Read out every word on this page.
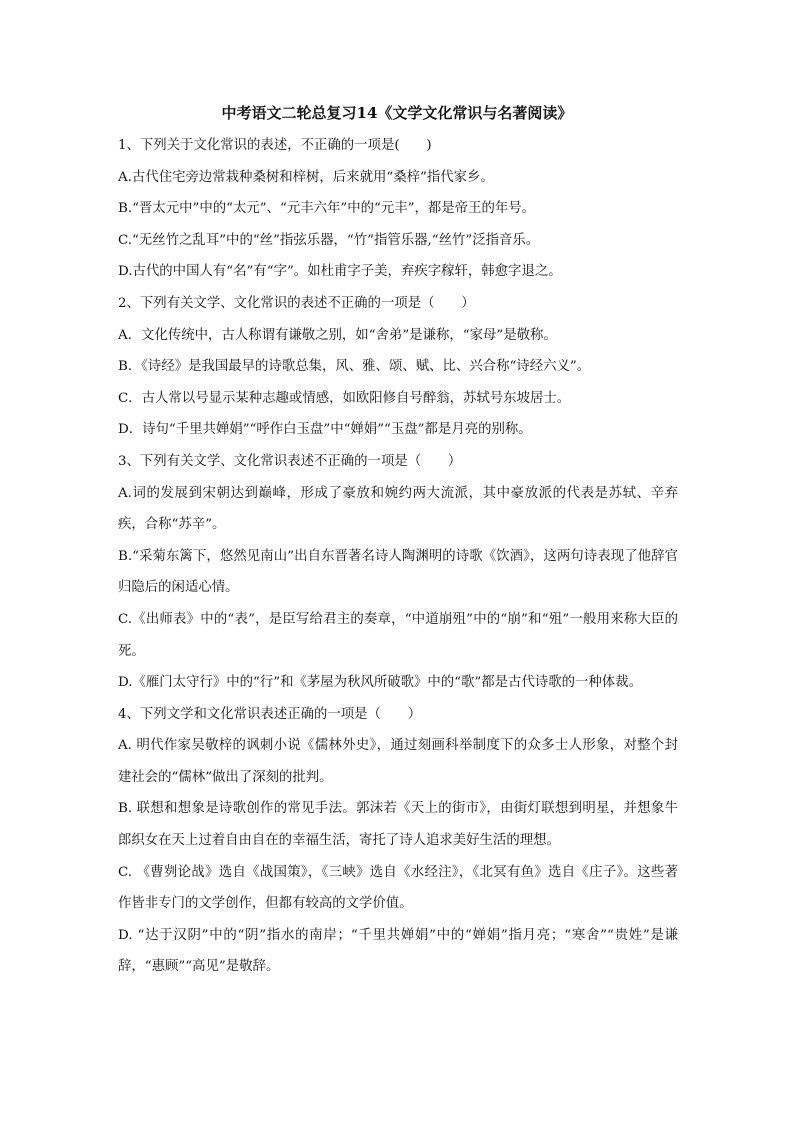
中考语文二轮总复习14《文学文化常识与名著阅读》

1、下列关于文化常识的表述，不正确的一项是(　　)

A.古代住宅旁边常栽种桑树和梓树，后来就用“桑梓”指代家乡。

B.“晋太元中”中的“太元”、“元丰六年”中的“元丰”，都是帝王的年号。

C.“无丝竹之乱耳”中的“丝”指弦乐器，“竹”指管乐器,“丝竹”泛指音乐。

D.古代的中国人有“名”有“字”。如杜甫字子美，弃疾字稼轩，韩愈字退之。

2、下列有关文学、文化常识的表述不正确的一项是（　　）

A．文化传统中，古人称谓有谦敬之别，如“舍弟”是谦称，“家母”是敬称。

B．《诗经》是我国最早的诗歌总集，风、雅、颂、赋、比、兴合称“诗经六义”。

C．古人常以号显示某种志趣或情感，如欧阳修自号醉翁，苏轼号东坡居士。

D．诗句“千里共婵娟”“呼作白玉盘”中“婵娟”“玉盘”都是月亮的别称。

3、下列有关文学、文化常识表述不正确的一项是（　　）

A.词的发展到宋朝达到巅峰，形成了豪放和婉约两大流派，其中豪放派的代表是苏轼、辛弃疾，合称“苏辛”。

B.“采菊东篱下，悠然见南山”出自东晋著名诗人陶渊明的诗歌《饮酒》，这两句诗表现了他辞官归隐后的闲适心情。

C.《出师表》中的“表”，是臣写给君主的奏章，“中道崩殂”中的“崩”和“殂”一般用来称大臣的死。

D.《雁门太守行》中的“行”和《茅屋为秋风所破歌》中的“歌”都是古代诗歌的一种体裁。

4、下列文学和文化常识表述正确的一项是（　　）

A. 明代作家吴敬梓的讽刺小说《儒林外史》，通过刻画科举制度下的众多士人形象，对整个封建社会的“儒林”做出了深刻的批判。

B. 联想和想象是诗歌创作的常见手法。郭沫若《天上的街市》，由街灯联想到明星，并想象牛郎织女在天上过着自由自在的幸福生活，寄托了诗人追求美好生活的理想。

C. 《曹刿论战》选自《战国策》，《三峡》选自《水经注》，《北冥有鱼》选自《庄子》。这些著作皆非专门的文学创作，但都有较高的文学价值。

D. “达于汉阴”中的“阴”指水的南岸；“千里共婵娟”中的“婵娟”指月亮；“寒舍”“贵姓”是谦辞，“惠顾”“高见”是敬辞。
